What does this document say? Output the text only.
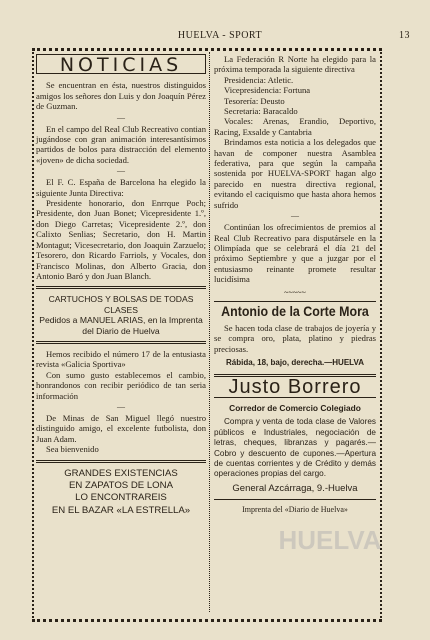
HUELVA - SPORT	13
NOTICIAS

Se encuentran en ésta, nuestros distinguidos amigos los señores don Luis y don Joaquín Pérez de Guzman.

—

En el campo del Real Club Recreativo contian jugándose con gran animación interesantísimos partidos de bolos para distracción del elemento «joven» de dicha sociedad.

—

El F. C. España de Barcelona ha elegido la siguiente Junta Directiva:

Presidente honorario, don Enrrque Poch; Presidente, don Juan Bonet; Vicepresidente 1.º, don Diego Carretas; Vicepresidente 2.º, don Calixto Senlias; Secretario, don H. Martin Montagut; Vicesecretario, don Joaquin Zarzuelo; Tesorero, don Ricardo Farriols, y Vocales, don Francisco Molinas, don Alberto Gracia, don Antonio Baró y don Juan Blanch.

CARTUCHOS Y BOLSAS DE TODAS CLASES
Pedidos a MANUEL ARIAS, en la Imprenta del Diario de Huelva

Hemos recibido el número 17 de la entusiasta revista «Galicia Sportiva»

Con sumo gusto establecemos el cambio, honrandonos con recibir periódico de tan seria información

—

De Minas de San Miguel llegó nuestro distinguido amigo, el excelente futbolista, don Juan Adam.

Sea bienvenido

GRANDES EXISTENCIAS
EN ZAPATOS DE LONA
LO ENCONTRAREIS
EN EL BAZAR «LA ESTRELLA»

La Federación R Norte ha elegido para la próxima temporada la siguiente directiva

Presidencia: Atletic.

Vicepresidencia: Fortuna

Tesorería: Deusto

Secretaria: Baracaldo

Vocales: Arenas, Erandio, Deportivo, Racing, Exsalde y Cantabria

Brindamos esta noticia a los delegados que havan de componer nuestra Asamblea federativa, para que según la campaña sostenida por HUELVA-SPORT hagan algo parecido en nuestra directiva regional, evitando el caciquismo que hasta ahora hemos sufrido

—

Continúan los ofrecimientos de premios al Real Club Recreativo para disputársele en la Olimpíada que se celebrará el día 21 del próximo Septiembre y que a juzgar por el entusiasmo reinante promete resultar lucidísima

~~~~~
Antonio de la Corte Mora

Se hacen toda clase de trabajos de joyería y se compra oro, plata, platino y piedras preciosas.

Rábida, 18, bajo, derecha.—HUELVA
Justo Borrero
Corredor de Comercio Colegiado

Compra y venta de toda clase de Valores públicos e Industriales, negociación de letras, cheques, libranzas y pagarés.—Cobro y descuento de cupones.—Apertura de cuentas corrientes y de Crédito y demás operaciones propias del cargo.

General Azcárraga, 9.-Huelva
Imprenta del «Diario de Huelva»
HUELVA
